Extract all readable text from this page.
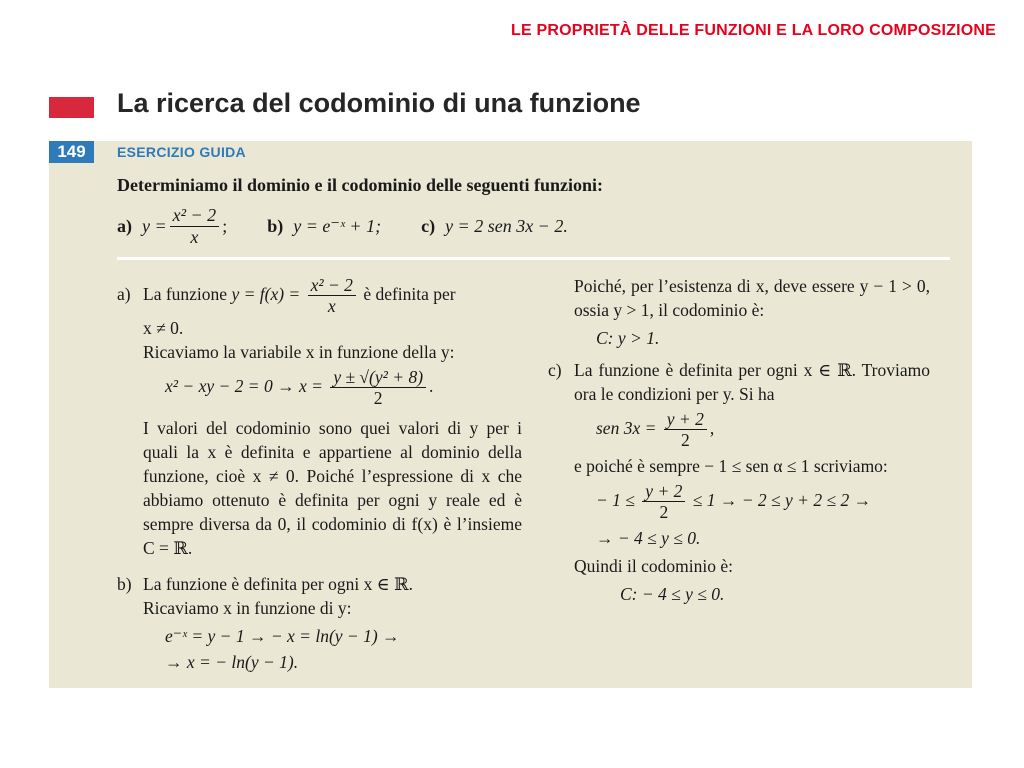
LE PROPRIETÀ DELLE FUNZIONI E LA LORO COMPOSIZIONE
La ricerca del codominio di una funzione
149	ESERCIZIO GUIDA
Determiniamo il dominio e il codominio delle seguenti funzioni:
a) $y = \frac{\text{x² − 2}}{x}$ ; b) y = e⁻ˣ + 1; c) y = 2 sen 3x − 2.

a) La funzione $y = f(x) = \frac{\text{x² − 2}}{x}$ è definita per

x ≠ 0.

Ricaviamo la variabile x in funzione della y:

x² − xy − $2 = 0 \to x = \frac{\text{y ± √(y² + 8)}}{2}$ .

I valori del codominio sono quei valori di y per i quali la x è definita e appartiene al dominio della funzione, cioè x ≠ 0. Poiché l’espressione di x che abbiamo ottenuto è definita per ogni y reale ed è sempre diversa da 0, il codominio di f(x) è l’insieme C = ℝ.

b) La funzione è definita per ogni x ∈ ℝ.

Ricaviamo x in funzione di y:

e⁻ˣ = y − 1 → − x = ln(y − 1) →
→ x = − ln(y − 1).

Poiché, per l’esistenza di x, deve essere y − 1 > 0, ossia y > 1, il codominio è:

C: y > 1.

c) La funzione è definita per ogni x ∈ ℝ. Troviamo ora le condizioni per y. Si ha

sen $3x = \frac{y + 2}{2}$ ,

e poiché è sempre − 1 ≤ sen α ≤ 1 scriviamo:

− $1 \le \frac{y + 2}{2} \le 1$ → − 2 ≤ y + 2 ≤ 2 →
→ − 4 ≤ y ≤ 0.

Quindi il codominio è:

C: − 4 ≤ y ≤ 0.
